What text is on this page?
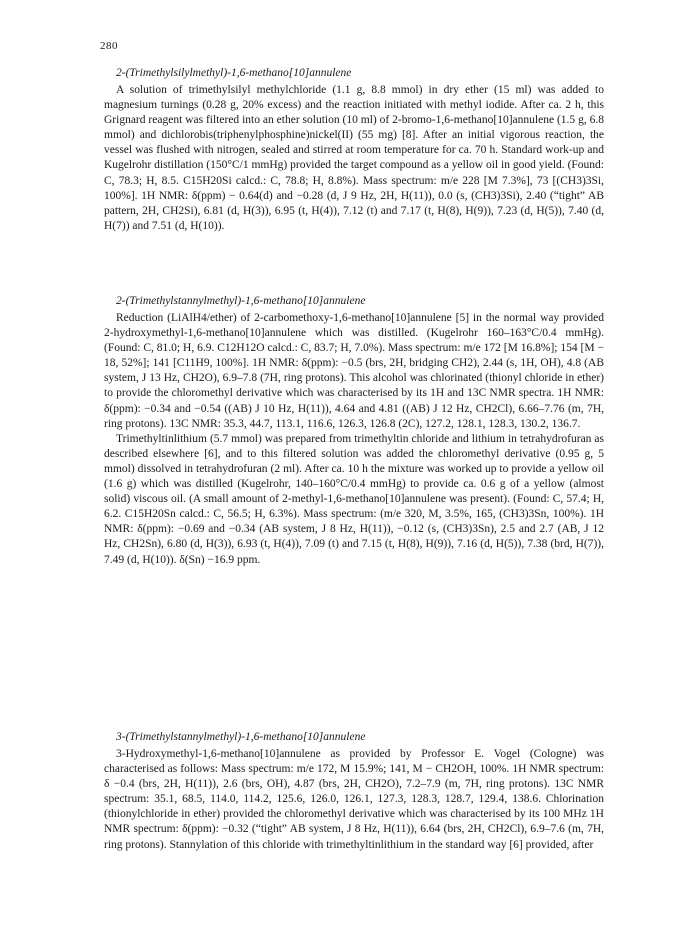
280
2-(Trimethylsilylmethyl)-1,6-methano[10]annulene

A solution of trimethylsilyl methylchloride (1.1 g, 8.8 mmol) in dry ether (15 ml) was added to magnesium turnings (0.28 g, 20% excess) and the reaction initiated with methyl iodide. After ca. 2 h, this Grignard reagent was filtered into an ether solution (10 ml) of 2-bromo-1,6-methano[10]annulene (1.5 g, 6.8 mmol) and dichlorobis(triphenylphosphine)nickel(II) (55 mg) [8]. After an initial vigorous reaction, the vessel was flushed with nitrogen, sealed and stirred at room temperature for ca. 70 h. Standard work-up and Kugelrohr distillation (150°C/1 mmHg) provided the target compound as a yellow oil in good yield. (Found: C, 78.3; H, 8.5. C15H20Si calcd.: C, 78.8; H, 8.8%). Mass spectrum: m/e 228 [M 7.3%], 73 [(CH3)3Si, 100%]. 1H NMR: δ(ppm) − 0.64(d) and −0.28 (d, J 9 Hz, 2H, H(11)), 0.0 (s, (CH3)3Si), 2.40 (“tight” AB pattern, 2H, CH2Si), 6.81 (d, H(3)), 6.95 (t, H(4)), 7.12 (t) and 7.17 (t, H(8), H(9)), 7.23 (d, H(5)), 7.40 (d, H(7)) and 7.51 (d, H(10)).

2-(Trimethylstannylmethyl)-1,6-methano[10]annulene

Reduction (LiAlH4/ether) of 2-carbomethoxy-1,6-methano[10]annulene [5] in the normal way provided 2-hydroxymethyl-1,6-methano[10]annulene which was distilled. (Kugelrohr 160–163°C/0.4 mmHg). (Found: C, 81.0; H, 6.9. C12H12O calcd.: C, 83.7; H, 7.0%). Mass spectrum: m/e 172 [M 16.8%]; 154 [M − 18, 52%]; 141 [C11H9, 100%]. 1H NMR: δ(ppm): −0.5 (brs, 2H, bridging CH2), 2.44 (s, 1H, OH), 4.8 (AB system, J 13 Hz, CH2O), 6.9–7.8 (7H, ring protons). This alcohol was chlorinated (thionyl chloride in ether) to provide the chloromethyl derivative which was characterised by its 1H and 13C NMR spectra. 1H NMR: δ(ppm): −0.34 and −0.54 ((AB) J 10 Hz, H(11)), 4.64 and 4.81 ((AB) J 12 Hz, CH2Cl), 6.66–7.76 (m, 7H, ring protons). 13C NMR: 35.3, 44.7, 113.1, 116.6, 126.3, 126.8 (2C), 127.2, 128.1, 128.3, 130.2, 136.7.

Trimethyltinlithium (5.7 mmol) was prepared from trimethyltin chloride and lithium in tetrahydrofuran as described elsewhere [6], and to this filtered solution was added the chloromethyl derivative (0.95 g, 5 mmol) dissolved in tetrahydrofuran (2 ml). After ca. 10 h the mixture was worked up to provide a yellow oil (1.6 g) which was distilled (Kugelrohr, 140–160°C/0.4 mmHg) to provide ca. 0.6 g of a yellow (almost solid) viscous oil. (A small amount of 2-methyl-1,6-methano[10]annulene was present). (Found: C, 57.4; H, 6.2. C15H20Sn calcd.: C, 56.5; H, 6.3%). Mass spectrum: (m/e 320, M, 3.5%, 165, (CH3)3Sn, 100%). 1H NMR: δ(ppm): −0.69 and −0.34 (AB system, J 8 Hz, H(11)), −0.12 (s, (CH3)3Sn), 2.5 and 2.7 (AB, J 12 Hz, CH2Sn), 6.80 (d, H(3)), 6.93 (t, H(4)), 7.09 (t) and 7.15 (t, H(8), H(9)), 7.16 (d, H(5)), 7.38 (brd, H(7)), 7.49 (d, H(10)). δ(Sn) −16.9 ppm.

3-(Trimethylstannylmethyl)-1,6-methano[10]annulene

3-Hydroxymethyl-1,6-methano[10]annulene as provided by Professor E. Vogel (Cologne) was characterised as follows: Mass spectrum: m/e 172, M 15.9%; 141, M − CH2OH, 100%. 1H NMR spectrum: δ −0.4 (brs, 2H, H(11)), 2.6 (brs, OH), 4.87 (brs, 2H, CH2O), 7.2–7.9 (m, 7H, ring protons). 13C NMR spectrum: 35.1, 68.5, 114.0, 114.2, 125.6, 126.0, 126.1, 127.3, 128.3, 128.7, 129.4, 138.6. Chlorination (thionylchloride in ether) provided the chloromethyl derivative which was characterised by its 100 MHz 1H NMR spectrum: δ(ppm): −0.32 (“tight” AB system, J 8 Hz, H(11)), 6.64 (brs, 2H, CH2Cl), 6.9–7.6 (m, 7H, ring protons). Stannylation of this chloride with trimethyltinlithium in the standard way [6] provided, after
